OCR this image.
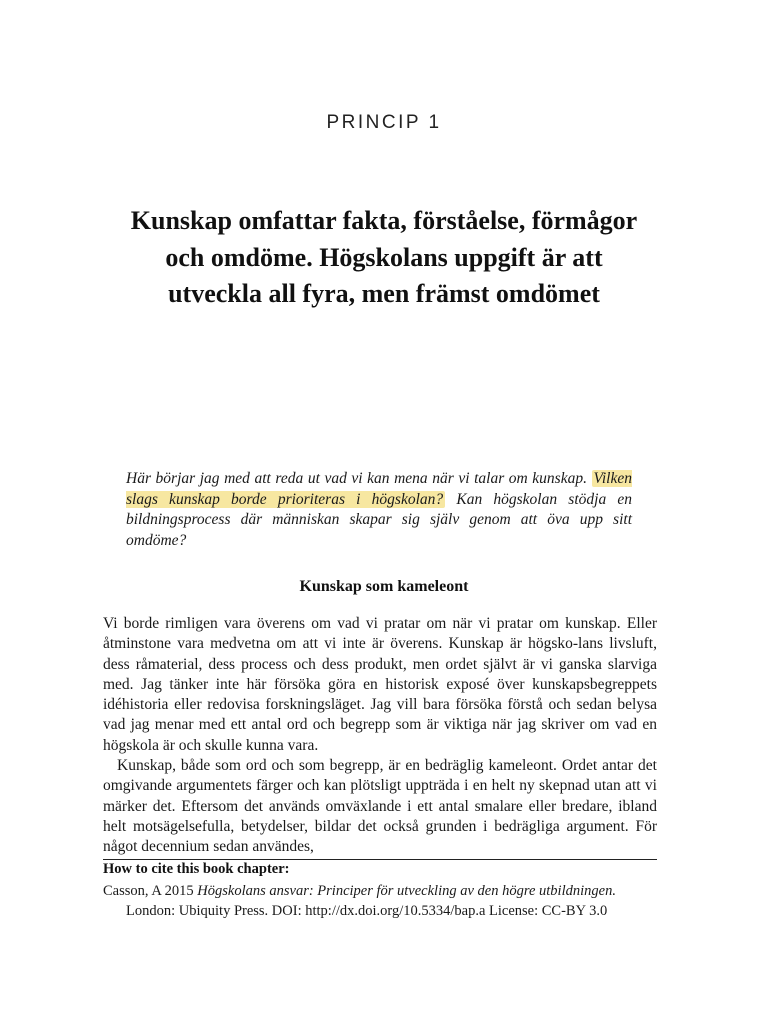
PRINCIP 1
Kunskap omfattar fakta, förståelse, förmågor och omdöme. Högskolans uppgift är att utveckla all fyra, men främst omdömet

Här börjar jag med att reda ut vad vi kan mena när vi talar om kunskap. Vilken slags kunskap borde prioriteras i högskolan? Kan högskolan stödja en bildningsprocess där människan skapar sig själv genom att öva upp sitt omdöme?

Kunskap som kameleont

Vi borde rimligen vara överens om vad vi pratar om när vi pratar om kunskap. Eller åtminstone vara medvetna om att vi inte är överens. Kunskap är högsko-lans livsluft, dess råmaterial, dess process och dess produkt, men ordet självt är vi ganska slarviga med. Jag tänker inte här försöka göra en historisk exposé över kunskapsbegreppets idéhistoria eller redovisa forskningsläget. Jag vill bara försöka förstå och sedan belysa vad jag menar med ett antal ord och begrepp som är viktiga när jag skriver om vad en högskola är och skulle kunna vara.

Kunskap, både som ord och som begrepp, är en bedräglig kameleont. Ordet antar det omgivande argumentets färger och kan plötsligt uppträda i en helt ny skepnad utan att vi märker det. Eftersom det används omväxlande i ett antal smalare eller bredare, ibland helt motsägelsefulla, betydelser, bildar det också grunden i bedrägliga argument. För något decennium sedan användes,

How to cite this book chapter:
Casson, A 2015 Högskolans ansvar: Principer för utveckling av den högre utbildningen.
London: Ubiquity Press. DOI: http://dx.doi.org/10.5334/bap.a License: CC-BY 3.0
